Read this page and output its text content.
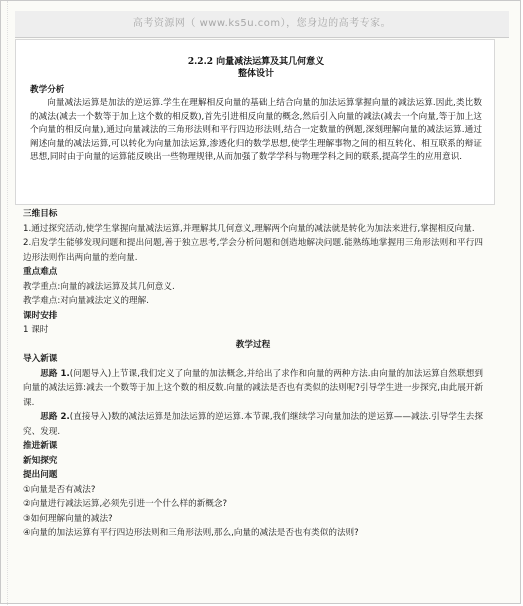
高考资源网（ www.ks5u.com），您身边的高考专家。
2.2.2 向量减法运算及其几何意义
整体设计
教学分析
向量减法运算是加法的逆运算.学生在理解相反向量的基础上结合向量的加法运算掌握向量的减法运算.因此,类比数的减法(减去一个数等于加上这个数的相反数),首先引进相反向量的概念,然后引入向量的减法(减去一个向量,等于加上这个向量的相反向量),通过向量减法的三角形法则和平行四边形法则,结合一定数量的例题,深刻理解向量的减法运算.通过阐述向量的减法运算,可以转化为向量加法运算,渗透化归的数学思想,使学生理解事物之间的相互转化、相互联系的辩证思想,同时由于向量的运算能反映出一些物理规律,从而加强了数学学科与物理学科之间的联系,提高学生的应用意识.
三维目标
1.通过探究活动,使学生掌握向量减法运算,并理解其几何意义,理解两个向量的减法就是转化为加法来进行,掌握相反向量.
2.启发学生能够发现问题和提出问题,善于独立思考,学会分析问题和创造地解决问题.能熟练地掌握用三角形法则和平行四边形法则作出两向量的差向量.
重点难点
教学重点:向量的减法运算及其几何意义.
教学难点:对向量减法定义的理解.
课时安排
1 课时
教学过程
导入新课
思路 1.(问题导入)上节课,我们定义了向量的加法概念,并给出了求作和向量的两种方法.由向量的加法运算自然联想到向量的减法运算:减去一个数等于加上这个数的相反数.向量的减法是否也有类似的法则呢?引导学生进一步探究,由此展开新课.
思路 2.(直接导入)数的减法运算是加法运算的逆运算.本节课,我们继续学习向量加法的逆运算——减法.引导学生去探究、发现.
推进新课
新知探究
提出问题
①向量是否有减法?
②向量进行减法运算,必须先引进一个什么样的新概念?
③如何理解向量的减法?
④向量的加法运算有平行四边形法则和三角形法则,那么,向量的减法是否也有类似的法则?
